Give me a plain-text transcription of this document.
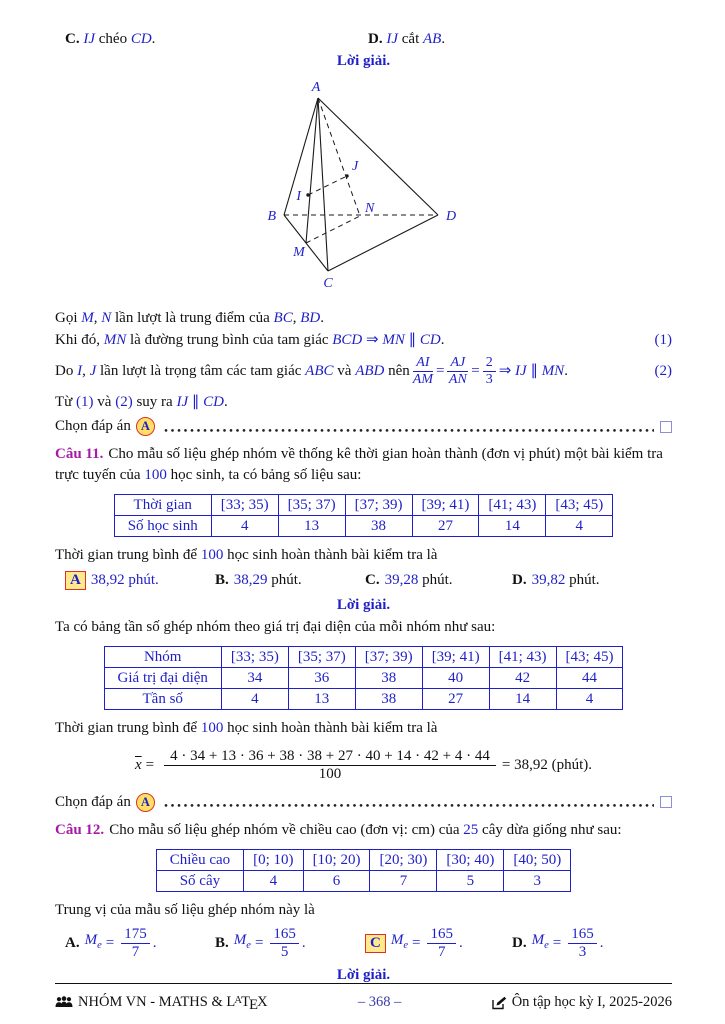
C. IJ chéo CD.	D. IJ cắt AB.
Lời giải.
A
B	D
C
M
N
I
J
Gọi M, N lần lượt là trung điểm của BC, BD.
Khi đó, MN là đường trung bình của tam giác BCD ⇒ MN ∥ CD.	(1)
Do I, J lần lượt là trọng tâm các tam giác ABC và ABD nên $\frac{AI}{AM} = \frac{AJ}{AN} = \frac{2}{3}$ ⇒ IJ ∥ MN.	(2)
Từ (1) và (2) suy ra IJ ∥ CD.
Chọn đáp án A
Câu 11. Cho mẫu số liệu ghép nhóm về thống kê thời gian hoàn thành (đơn vị phút) một bài kiểm tra trực tuyến của 100 học sinh, ta có bảng số liệu sau:
Thời gian	[33; 35)	[35; 37)	[37; 39)	[39; 41)	[41; 43)	[43; 45)
Số học sinh	4	13	38	27	14	4
Thời gian trung bình để 100 học sinh hoàn thành bài kiểm tra là
A 38,92 phút.	B. 38,29 phút.	C. 39,28 phút.	D. 39,82 phút.
Lời giải.
Ta có bảng tần số ghép nhóm theo giá trị đại diện của mỗi nhóm như sau:
Nhóm	[33; 35)	[35; 37)	[37; 39)	[39; 41)	[41; 43)	[43; 45)
Giá trị đại diện	34	36	38	40	42	44
Tần số	4	13	38	27	14	4
Thời gian trung bình để 100 học sinh hoàn thành bài kiểm tra là
$\overline{x} = \frac{4 \cdot 34 + 13 \cdot 36 + 38 \cdot 38 + 27 \cdot 40 + 14 \cdot 42 + 4 \cdot 44}{100} = 38,92$ (phút).
Chọn đáp án A
Câu 12. Cho mẫu số liệu ghép nhóm về chiều cao (đơn vị: cm) của 25 cây dừa giống như sau:
Chiều cao	[0; 10)	[10; 20)	[20; 30)	[30; 40)	[40; 50)
Số cây	4	6	7	5	3
Trung vị của mẫu số liệu ghép nhóm này là
A. $M_e = \frac{175}{7}$ .	B. $M_e = \frac{165}{5}$ .	C $M_e = \frac{165}{7}$ .	D. $M_e = \frac{165}{3}$ .
Lời giải.
NHÓM VN - MATHS & $L^ATEX$	– 368 –	Ôn tập học kỳ I, 2025-2026
